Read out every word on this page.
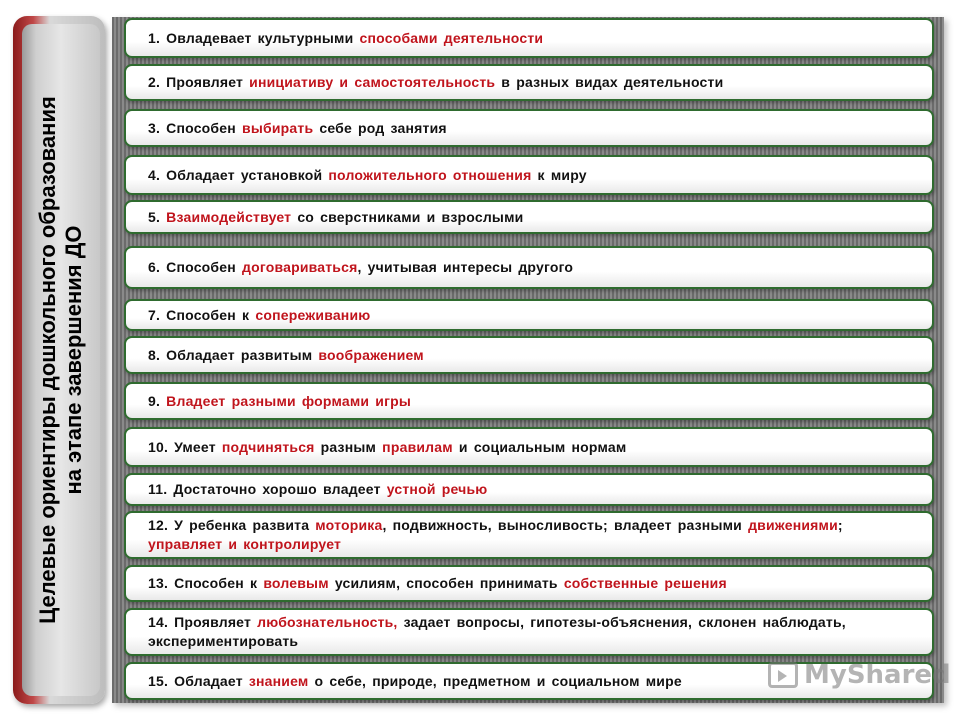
Целевые ориентиры дошкольного образования на этапе завершения ДО
1. Овладевает культурными способами деятельности
2. Проявляет инициативу и самостоятельность в разных видах деятельности
3. Способен выбирать себе род занятия
4. Обладает установкой положительного отношения к миру
5. Взаимодействует со сверстниками и взрослыми
6. Способен договариваться, учитывая интересы другого
7. Способен к сопереживанию
8. Обладает развитым воображением
9. Владеет разными формами игры
10. Умеет подчиняться разным правилам и социальным нормам
11. Достаточно хорошо владеет устной речью
12. У ребенка развита моторика, подвижность, выносливость; владеет разными движениями; управляет и контролирует
13. Способен к волевым усилиям, способен принимать собственные решения
14. Проявляет любознательность, задает вопросы, гипотезы-объяснения, склонен наблюдать, экспериментировать
15. Обладает знанием о себе, природе, предметном и социальном мире	MyShared
